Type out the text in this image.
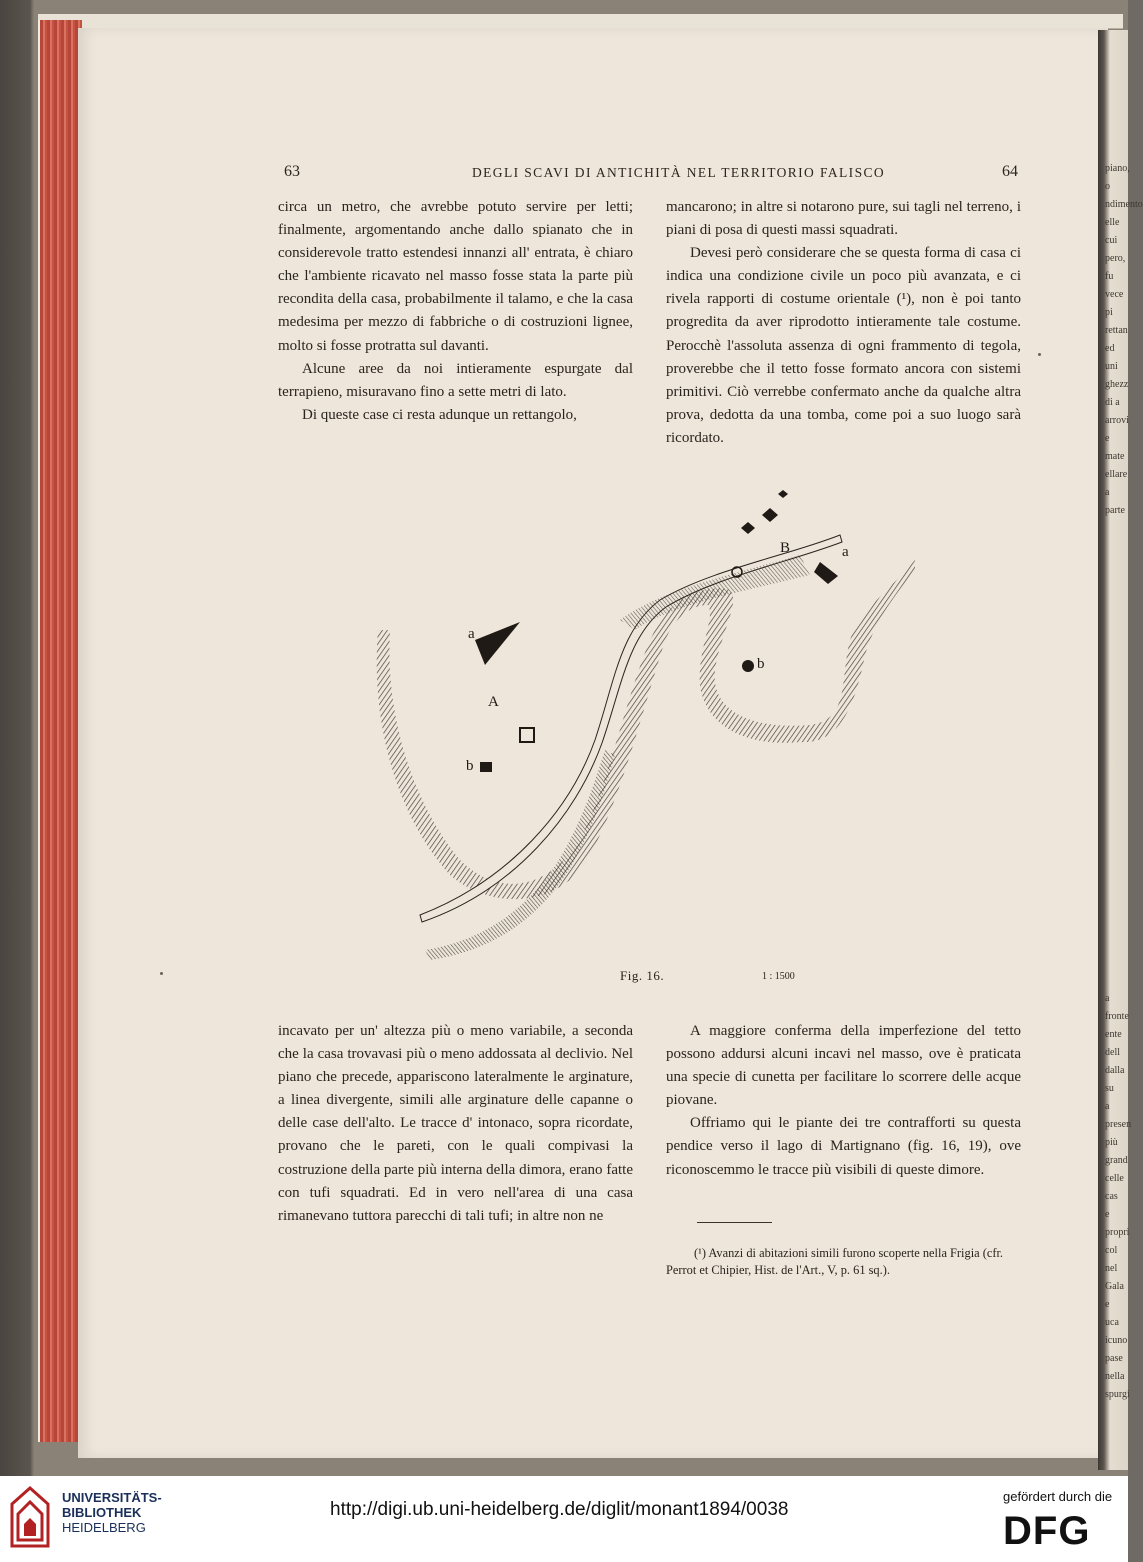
piano, o
ndimento
elle cui
pero, fu
vece pi
rettan
ed uni
ghezz
di a
arrovi
e mate
ellare
a parte
a fronte
ente dell
dalla su
a presen
più grand
celle cas
e propri
col nel
Gala e
uca
icuno
pase
nella
spurgi
63	DEGLI SCAVI DI ANTICHITÀ NEL TERRITORIO FALISCO	64

circa un metro, che avrebbe potuto servire per letti; finalmente, argomentando anche dallo spianato che in considerevole tratto estendesi innanzi all' entrata, è chiaro che l'ambiente ricavato nel masso fosse stata la parte più recondita della casa, probabilmente il talamo, e che la casa medesima per mezzo di fabbriche o di costruzioni lignee, molto si fosse protratta sul davanti.

Alcune aree da noi intieramente espurgate dal terrapieno, misuravano fino a sette metri di lato.

Di queste case ci resta adunque un rettangolo,

mancarono; in altre si notarono pure, sui tagli nel terreno, i piani di posa di questi massi squadrati.

Devesi però considerare che se questa forma di casa ci indica una condizione civile un poco più avanzata, e ci rivela rapporti di costume orientale (¹), non è poi tanto progredita da aver riprodotto intieramente tale costume. Perocchè l'assoluta assenza di ogni frammento di tegola, proverebbe che il tetto fosse formato ancora con sistemi primitivi. Ciò verrebbe confermato anche da qualche altra prova, dedotta da una tomba, come poi a suo luogo sarà ricordato.

a
A
b
B	a
b
Fig. 16.	1 : 1500

incavato per un' altezza più o meno variabile, a seconda che la casa trovavasi più o meno addossata al declivio. Nel piano che precede, appariscono lateralmente le arginature, a linea divergente, simili alle arginature delle capanne o delle case dell'alto. Le tracce d' intonaco, sopra ricordate, provano che le pareti, con le quali compivasi la costruzione della parte più interna della dimora, erano fatte con tufi squadrati. Ed in vero nell'area di una casa rimanevano tuttora parecchi di tali tufi; in altre non ne

A maggiore conferma della imperfezione del tetto possono addursi alcuni incavi nel masso, ove è praticata una specie di cunetta per facilitare lo scorrere delle acque piovane.

Offriamo qui le piante dei tre contrafforti su questa pendice verso il lago di Martignano (fig. 16, 19), ove riconoscemmo le tracce più visibili di queste dimore.

(¹) Avanzi di abitazioni simili furono scoperte nella Frigia (cfr. Perrot et Chipier, Hist. de l'Art., V, p. 61 sq.).

UNIVERSITÄTS-
BIBLIOTHEK
HEIDELBERG
http://digi.ub.uni-heidelberg.de/diglit/monant1894/0038
gefördert durch die
DFG
